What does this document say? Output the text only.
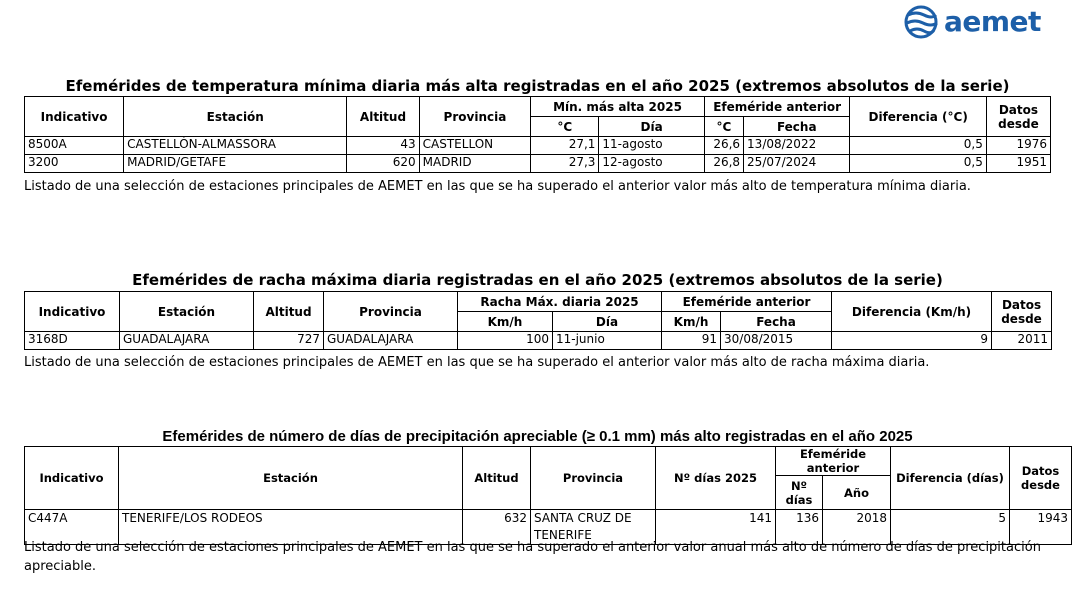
aemet
Efemérides de temperatura mínima diaria más alta registradas en el año 2025 (extremos absolutos de la serie)
Indicativo	Estación	Altitud	Provincia	Mín. más alta 2025		Efeméride anterior		Diferencia (°C)	Datos desde
				°C	Día	°C	Fecha		
8500A	CASTELLÓN-ALMASSORA	43	CASTELLON	27,1	11-agosto	26,6	13/08/2022	0,5	1976
3200	MADRID/GETAFE	620	MADRID	27,3	12-agosto	26,8	25/07/2024	0,5	1951
Listado de una selección de estaciones principales de AEMET en las que se ha superado el anterior valor más alto de temperatura mínima diaria.
Efemérides de racha máxima diaria registradas en el año 2025 (extremos absolutos de la serie)
Indicativo	Estación	Altitud	Provincia	Racha Máx. diaria 2025		Efeméride anterior		Diferencia (Km/h)	Datos desde
				Km/h	Día	Km/h	Fecha		
3168D	GUADALAJARA	727	GUADALAJARA	100	11-junio	91	30/08/2015	9	2011
Listado de una selección de estaciones principales de AEMET en las que se ha superado el anterior valor más alto de racha máxima diaria.
Efemérides de número de días de precipitación apreciable (≥ 0.1 mm) más alto registradas en el año 2025
Indicativo	Estación	Altitud	Provincia	Nº días 2025	Efeméride anterior		Diferencia (días)	Datos desde
					Nº días	Año		
C447A	TENERIFE/LOS RODEOS	632	SANTA CRUZ DE TENERIFE	141	136	2018	5	1943
Listado de una selección de estaciones principales de AEMET en las que se ha superado el anterior valor anual más alto de número de días de precipitación apreciable.
